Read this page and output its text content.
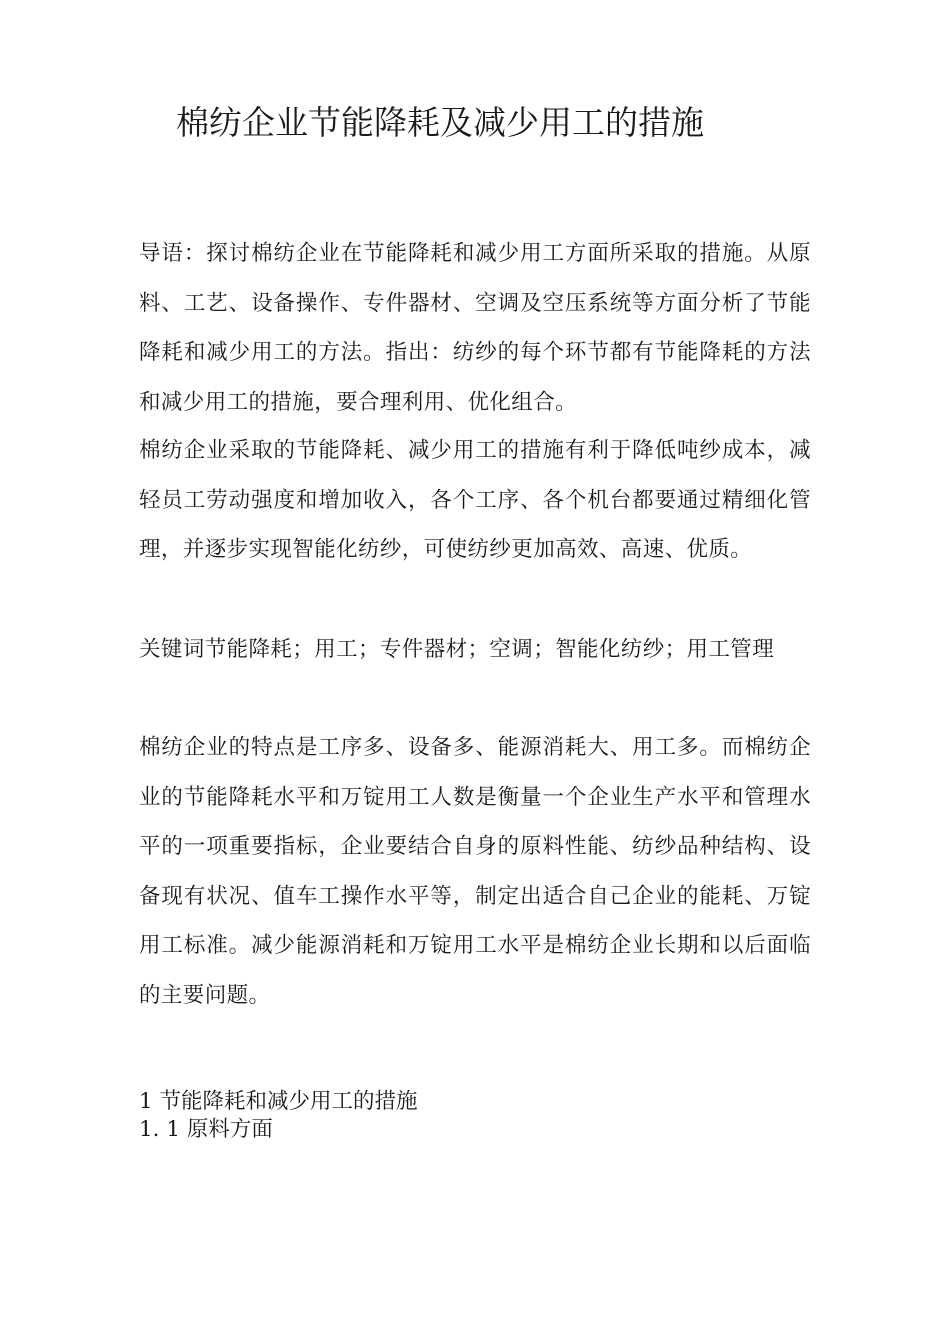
棉纺企业节能降耗及减少用工的措施
导语：探讨棉纺企业在节能降耗和减少用工方面所采取的措施。从原料、工艺、设备操作、专件器材、空调及空压系统等方面分析了节能降耗和减少用工的方法。指出：纺纱的每个环节都有节能降耗的方法和减少用工的措施，要合理利用、优化组合。
棉纺企业采取的节能降耗、减少用工的措施有利于降低吨纱成本，减轻员工劳动强度和增加收入，各个工序、各个机台都要通过精细化管理，并逐步实现智能化纺纱，可使纺纱更加高效、高速、优质。
关键词节能降耗；用工；专件器材；空调；智能化纺纱；用工管理
棉纺企业的特点是工序多、设备多、能源消耗大、用工多。而棉纺企业的节能降耗水平和万锭用工人数是衡量一个企业生产水平和管理水平的一项重要指标，企业要结合自身的原料性能、纺纱品种结构、设备现有状况、值车工操作水平等，制定出适合自己企业的能耗、万锭用工标准。减少能源消耗和万锭用工水平是棉纺企业长期和以后面临的主要问题。
1 节能降耗和减少用工的措施
1. 1 原料方面
